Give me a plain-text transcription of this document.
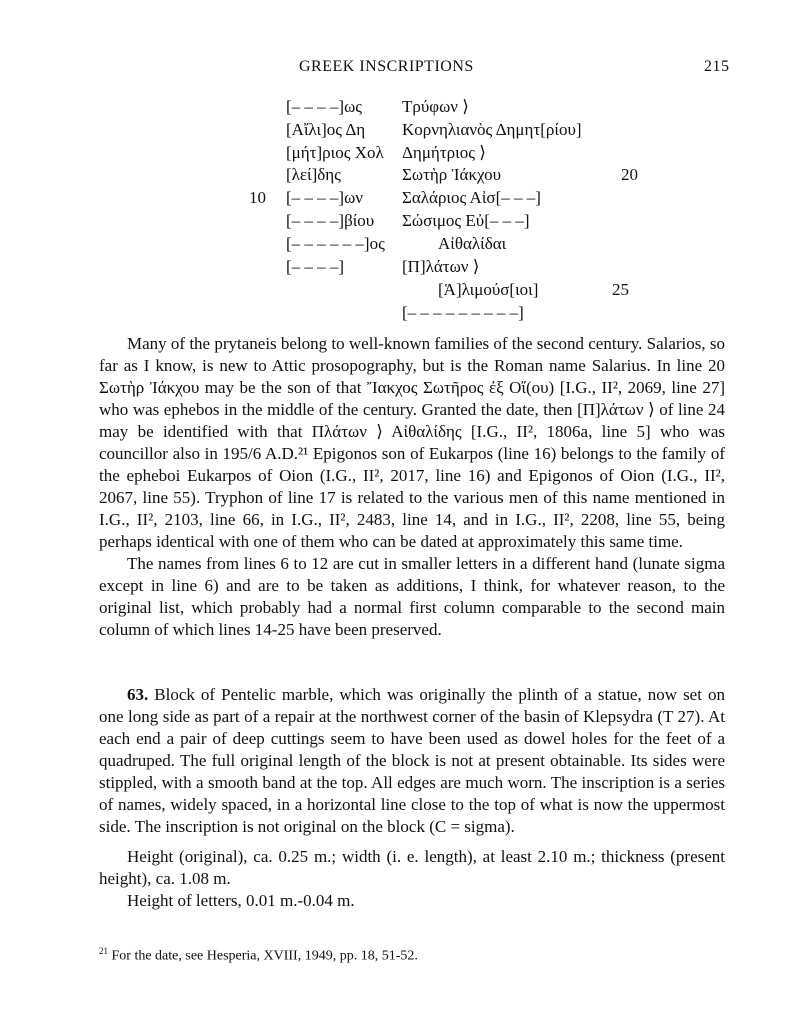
GREEK INSCRIPTIONS	215
[– – – –]ως
[Αἴλι]ος Δη
[μήτ]ριος Χολ
[λεί]δης
[– – – –]ων
[– – – –]βίου
[– – – – – –]ος
[– – – –]
Τρύφων ⟩
Κορνηλιανὸς Δημητ[ρίου]
Δημήτριος ⟩
Σωτὴρ Ἰάκχου
Σαλάριος Αἰσ[– – –]
Σώσιμος Εὐ[– – –]
Αἰθαλίδαι
[Π]λάτων ⟩
[Ἁ]λιμούσ[ιοι]
[– – – – – – – – –]
10
20
25

Many of the prytaneis belong to well-known families of the second century. Salarios, so far as I know, is new to Attic prosopography, but is the Roman name Salarius. In line 20 Σωτὴρ Ἰάκχου may be the son of that Ἴακχος Σωτῆρος ἐξ Οἴ(ου) [I.G., II², 2069, line 27] who was ephebos in the middle of the century. Granted the date, then [Π]λάτων ⟩ of line 24 may be identified with that Πλάτων ⟩ Αἰθαλίδης [I.G., II², 1806a, line 5] who was councillor also in 195/6 A.D.²¹ Epigonos son of Eukarpos (line 16) belongs to the family of the epheboi Eukarpos of Oion (I.G., II², 2017, line 16) and Epigonos of Oion (I.G., II², 2067, line 55). Tryphon of line 17 is related to the various men of this name mentioned in I.G., II², 2103, line 66, in I.G., II², 2483, line 14, and in I.G., II², 2208, line 55, being perhaps identical with one of them who can be dated at approximately this same time.

The names from lines 6 to 12 are cut in smaller letters in a different hand (lunate sigma except in line 6) and are to be taken as additions, I think, for whatever reason, to the original list, which probably had a normal first column comparable to the second main column of which lines 14-25 have been preserved.

63. Block of Pentelic marble, which was originally the plinth of a statue, now set on one long side as part of a repair at the northwest corner of the basin of Klepsydra (T 27). At each end a pair of deep cuttings seem to have been used as dowel holes for the feet of a quadruped. The full original length of the block is not at present obtainable. Its sides were stippled, with a smooth band at the top. All edges are much worn. The inscription is a series of names, widely spaced, in a horizontal line close to the top of what is now the uppermost side. The inscription is not original on the block (C = sigma).

Height (original), ca. 0.25 m.; width (i. e. length), at least 2.10 m.; thickness (present height), ca. 1.08 m.

Height of letters, 0.01 m.-0.04 m.

$^{21}$ For the date, see Hesperia, XVIII, 1949, pp. 18, 51-52.
